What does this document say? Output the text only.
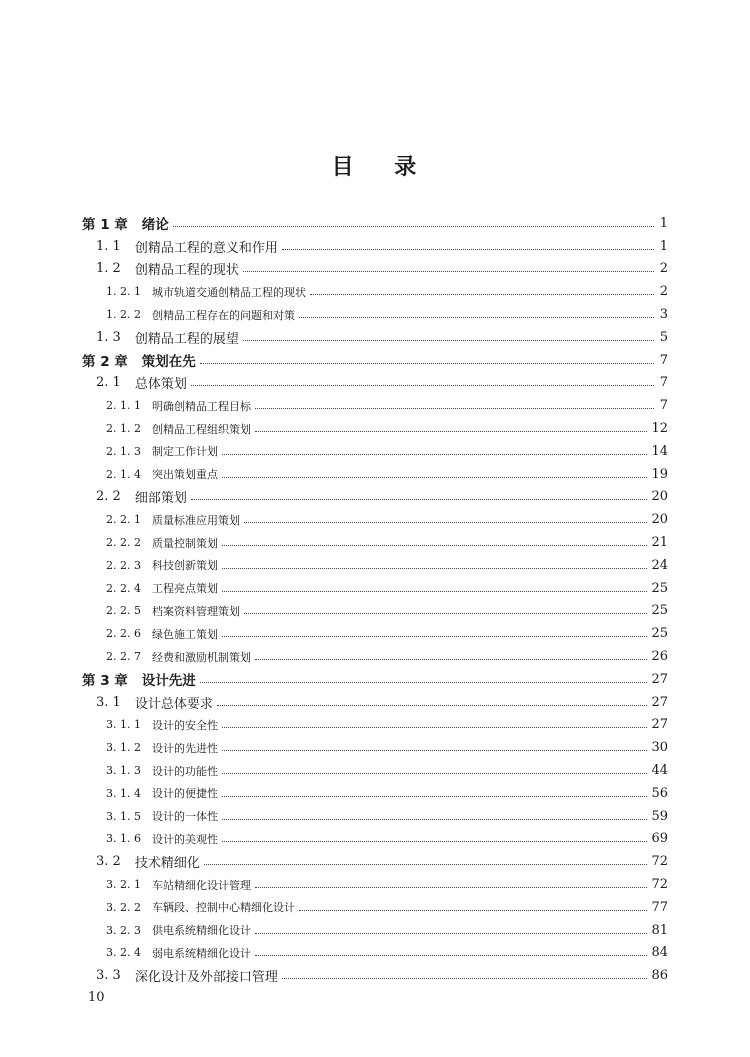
目    录
第 1 章 绪论	1
1. 1 创精品工程的意义和作用	1
1. 2 创精品工程的现状	2
1. 2. 1 城市轨道交通创精品工程的现状	2
1. 2. 2 创精品工程存在的问题和对策	3
1. 3 创精品工程的展望	5
第 2 章 策划在先	7
2. 1 总体策划	7
2. 1. 1 明确创精品工程目标	7
2. 1. 2 创精品工程组织策划	12
2. 1. 3 制定工作计划	14
2. 1. 4 突出策划重点	19
2. 2 细部策划	20
2. 2. 1 质量标准应用策划	20
2. 2. 2 质量控制策划	21
2. 2. 3 科技创新策划	24
2. 2. 4 工程亮点策划	25
2. 2. 5 档案资料管理策划	25
2. 2. 6 绿色施工策划	25
2. 2. 7 经费和激励机制策划	26
第 3 章 设计先进	27
3. 1 设计总体要求	27
3. 1. 1 设计的安全性	27
3. 1. 2 设计的先进性	30
3. 1. 3 设计的功能性	44
3. 1. 4 设计的便捷性	56
3. 1. 5 设计的一体性	59
3. 1. 6 设计的美观性	69
3. 2 技术精细化	72
3. 2. 1 车站精细化设计管理	72
3. 2. 2 车辆段、控制中心精细化设计	77
3. 2. 3 供电系统精细化设计	81
3. 2. 4 弱电系统精细化设计	84
3. 3 深化设计及外部接口管理	86
10
